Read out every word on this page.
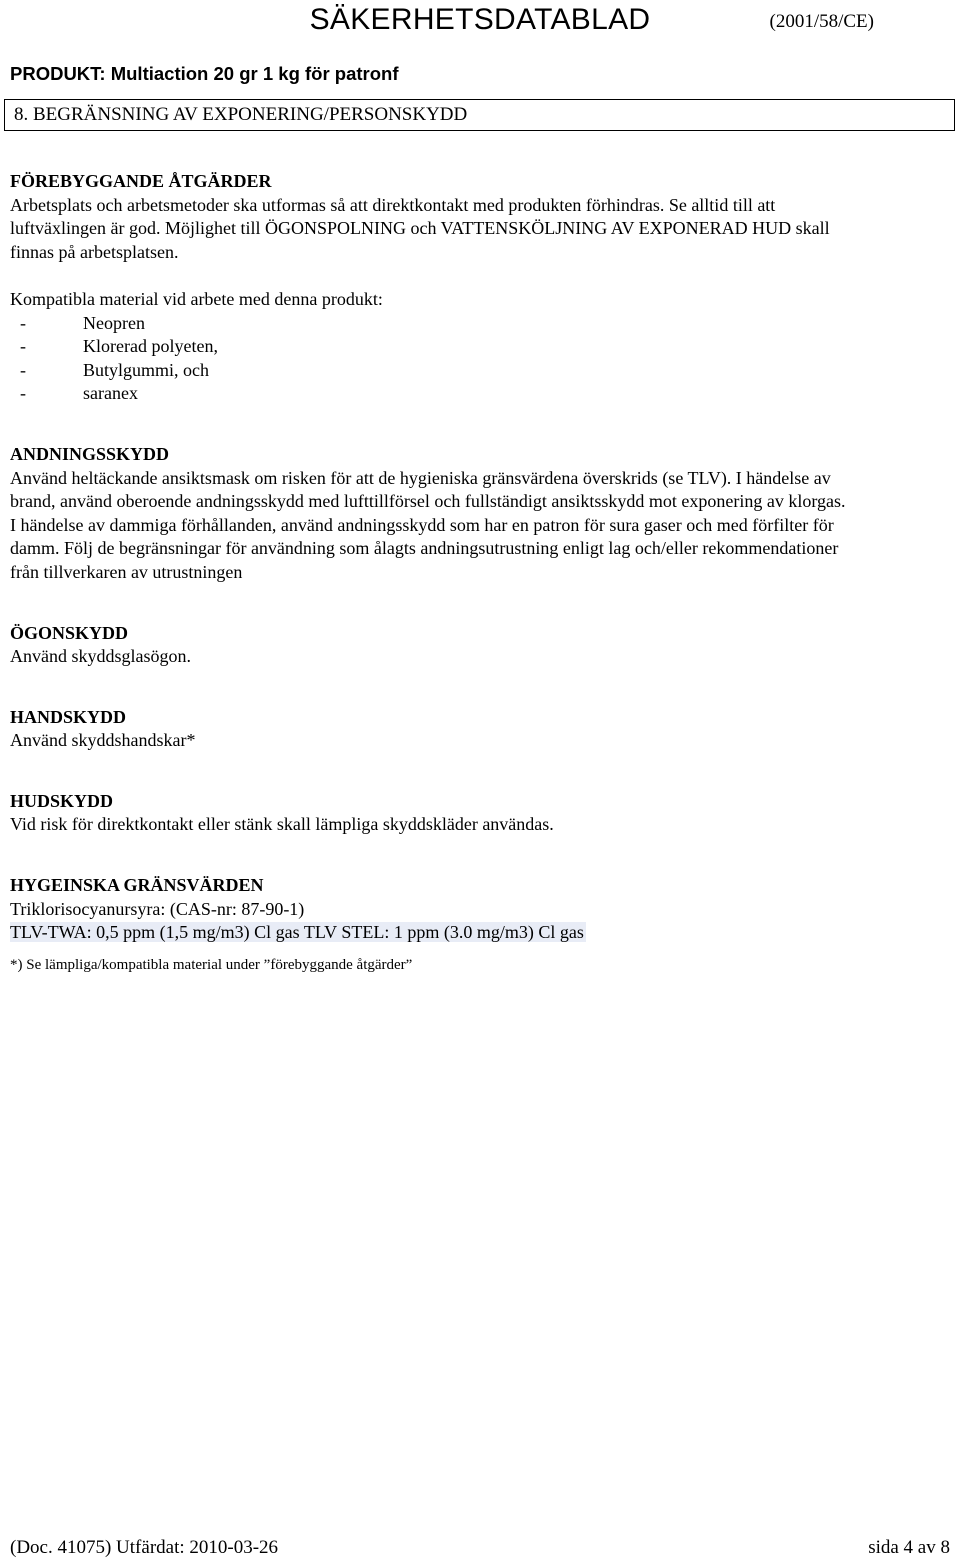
SÄKERHETSDATABLAD	(2001/58/CE)
PRODUKT: Multiaction 20 gr 1 kg för patronf
8. BEGRÄNSNING AV EXPONERING/PERSONSKYDD

FÖREBYGGANDE ÅTGÄRDER

Arbetsplats och arbetsmetoder ska utformas så att direktkontakt med produkten förhindras. Se alltid till att

luftväxlingen är god. Möjlighet till ÖGONSPOLNING och VATTENSKÖLJNING AV EXPONERAD HUD skall

finnas på arbetsplatsen.

Kompatibla material vid arbete med denna produkt:

-	Neopren

-	Klorerad polyeten,

-	Butylgummi, och

-	saranex

ANDNINGSSKYDD

Använd heltäckande ansiktsmask om risken för att de hygieniska gränsvärdena överskrids (se TLV). I händelse av

brand, använd oberoende andningsskydd med lufttillförsel och fullständigt ansiktsskydd mot exponering av klorgas.

I händelse av dammiga förhållanden, använd andningsskydd som har en patron för sura gaser och med förfilter för

damm. Följ de begränsningar för användning som ålagts andningsutrustning enligt lag och/eller rekommendationer

från tillverkaren av utrustningen

ÖGONSKYDD

Använd skyddsglasögon.

HANDSKYDD

Använd skyddshandskar*

HUDSKYDD

Vid risk för direktkontakt eller stänk skall lämpliga skyddskläder användas.

HYGEINSKA GRÄNSVÄRDEN

Triklorisocyanursyra: (CAS-nr: 87-90-1)

TLV-TWA: 0,5 ppm (1,5 mg/m3) Cl gas TLV STEL: 1 ppm (3.0 mg/m3) Cl gas

*) Se lämpliga/kompatibla material under ”förebyggande åtgärder”

(Doc. 41075) Utfärdat: 2010-03-26	sida 4 av 8
